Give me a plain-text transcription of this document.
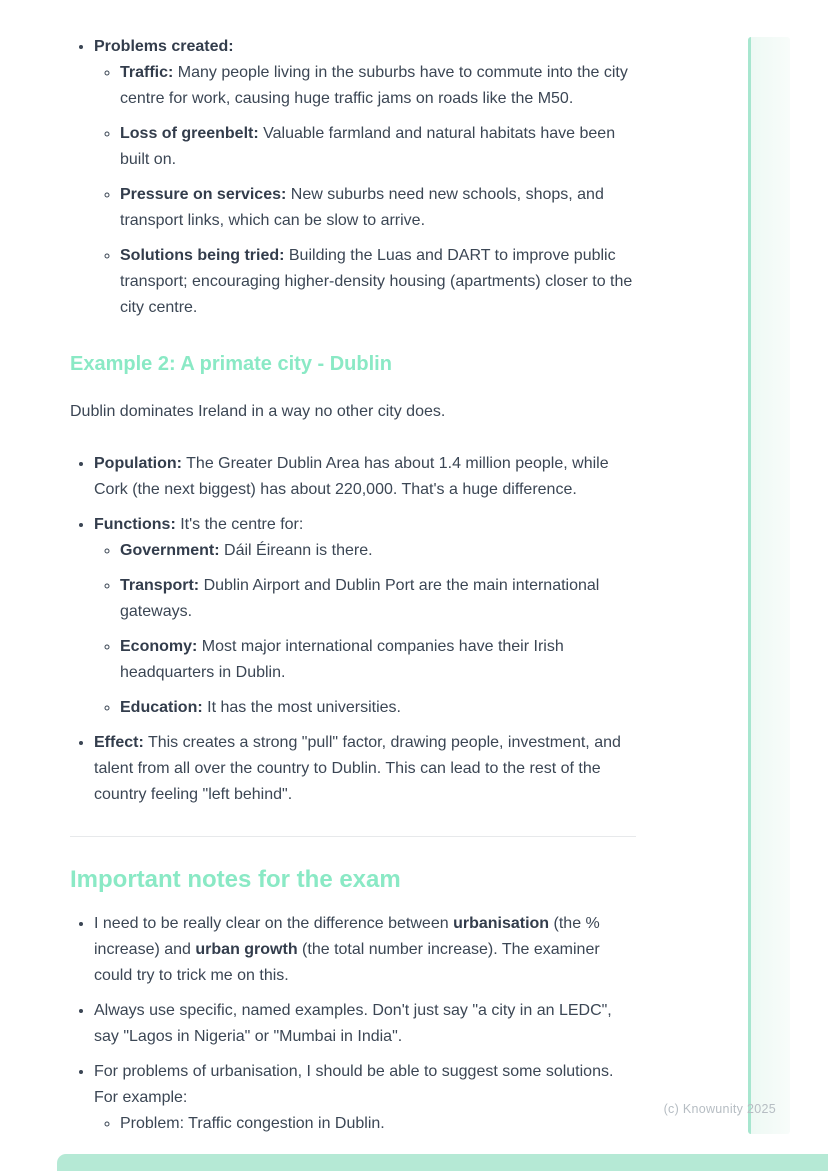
• Problems created:
◦ Traffic: Many people living in the suburbs have to commute into the city centre for work, causing huge traffic jams on roads like the M50.
◦ Loss of greenbelt: Valuable farmland and natural habitats have been built on.
◦ Pressure on services: New suburbs need new schools, shops, and transport links, which can be slow to arrive.
◦ Solutions being tried: Building the Luas and DART to improve public transport; encouraging higher-density housing (apartments) closer to the city centre.
Example 2: A primate city - Dublin

Dublin dominates Ireland in a way no other city does.

• Population: The Greater Dublin Area has about 1.4 million people, while Cork (the next biggest) has about 220,000. That's a huge difference.
• Functions: It's the centre for:
◦ Government: Dáil Éireann is there.
◦ Transport: Dublin Airport and Dublin Port are the main international gateways.
◦ Economy: Most major international companies have their Irish headquarters in Dublin.
◦ Education: It has the most universities.
• Effect: This creates a strong "pull" factor, drawing people, investment, and talent from all over the country to Dublin. This can lead to the rest of the country feeling "left behind".
Important notes for the exam
• I need to be really clear on the difference between urbanisation (the % increase) and urban growth (the total number increase). The examiner could try to trick me on this.
• Always use specific, named examples. Don't just say "a city in an LEDC", say "Lagos in Nigeria" or "Mumbai in India".
• For problems of urbanisation, I should be able to suggest some solutions. For example:
◦ Problem: Traffic congestion in Dublin.
(c) Knowunity 2025
